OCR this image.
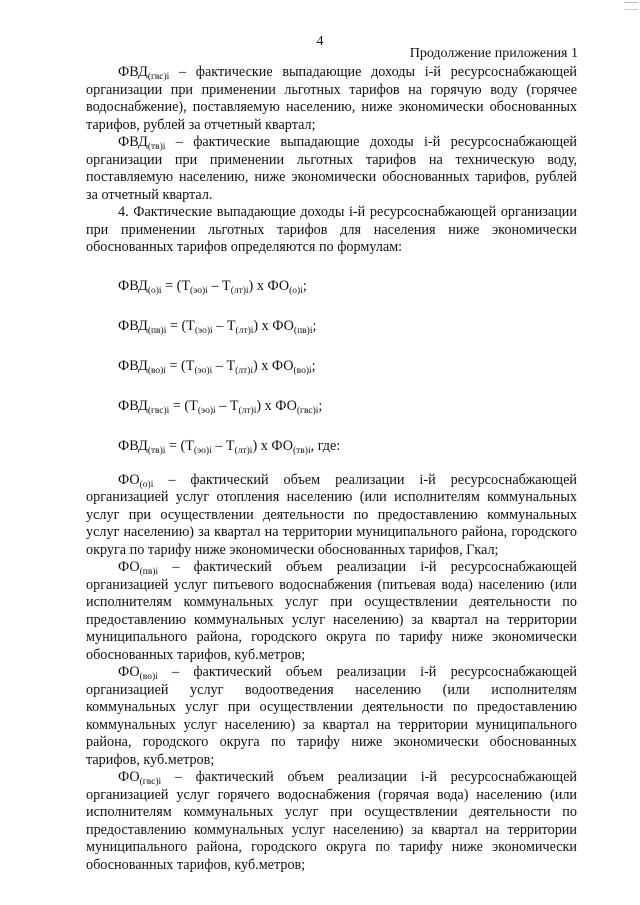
4
Продолжение приложения 1

$ФВД_{(гвс)i}$ – фактические выпадающие доходы i-й ресурсоснабжающей организации при применении льготных тарифов на горячую воду (горячее водоснабжение), поставляемую населению, ниже экономически обоснованных тарифов, рублей за отчетный квартал;

$ФВД_{(тв)i}$ – фактические выпадающие доходы i-й ресурсоснабжающей организации при применении льготных тарифов на техническую воду, поставляемую населению, ниже экономически обоснованных тарифов, рублей за отчетный квартал.

4. Фактические выпадающие доходы i-й ресурсоснабжающей организации при применении льготных тарифов для населения ниже экономически обоснованных тарифов определяются по формулам:

$ФВД_{(о)i} = (Т_{(эо)i} - Т_{(лт)i})$ x $ФО_{(о)i}$;
$ФВД_{(пв)i} = (Т_{(эо)i} - Т_{(лт)i})$ x $ФО_{(пв)i}$;
$ФВД_{(во)i} = (Т_{(эо)i} - Т_{(лт)i})$ x $ФО_{(во)i}$;
$ФВД_{(гвс)i} = (Т_{(эо)i} - Т_{(лт)i})$ x $ФО_{(гвс)i}$;
$ФВД_{(тв)i} = (Т_{(эо)i} - Т_{(лт)i})$ x $ФО_{(тв)i}$, где:

$ФО_{(о)i}$ – фактический объем реализации i-й ресурсоснабжающей организацией услуг отопления населению (или исполнителям коммунальных услуг при осуществлении деятельности по предоставлению коммунальных услуг населению) за квартал на территории муниципального района, городского округа по тарифу ниже экономически обоснованных тарифов, Гкал;

$ФО_{(пв)i}$ – фактический объем реализации i-й ресурсоснабжающей организацией услуг питьевого водоснабжения (питьевая вода) населению (или исполнителям коммунальных услуг при осуществлении деятельности по предоставлению коммунальных услуг населению) за квартал на территории муниципального района, городского округа по тарифу ниже экономически обоснованных тарифов, куб.метров;

$ФО_{(во)i}$ – фактический объем реализации i-й ресурсоснабжающей организацией услуг водоотведения населению (или исполнителям коммунальных услуг при осуществлении деятельности по предоставлению коммунальных услуг населению) за квартал на территории муниципального района, городского округа по тарифу ниже экономически обоснованных тарифов, куб.метров;

$ФО_{(гвс)i}$ – фактический объем реализации i-й ресурсоснабжающей организацией услуг горячего водоснабжения (горячая вода) населению (или исполнителям коммунальных услуг при осуществлении деятельности по предоставлению коммунальных услуг населению) за квартал на территории муниципального района, городского округа по тарифу ниже экономически обоснованных тарифов, куб.метров;
